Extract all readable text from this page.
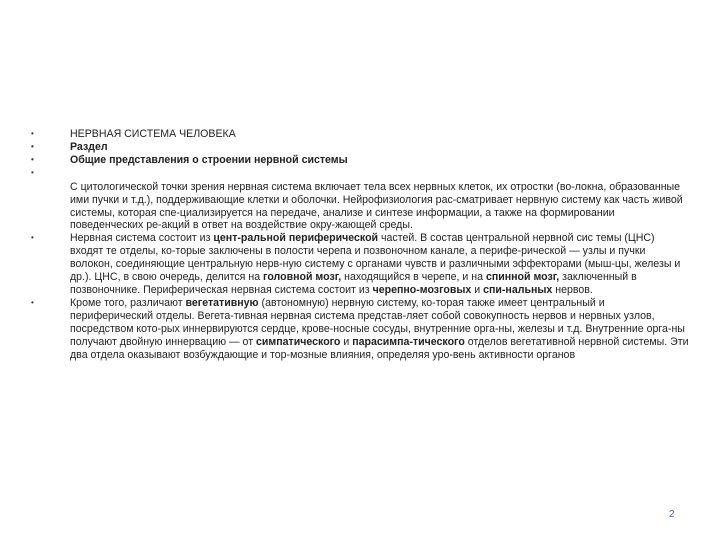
•	НЕРВНАЯ СИСТЕМА ЧЕЛОВЕКА
•	Раздел
•	Общие представления о строении нервной системы
•
С цитологической точки зрения нервная система включает тела всех нервных клеток, их отростки (во-локна, образованные ими пучки и т.д.), поддерживающие клетки и оболочки. Нейрофизиология рас-сматривает нервную систему как часть живой системы, которая спе-циализируется на передаче, анализе и синтезе информации, а также на формировании поведенческих ре-акций в ответ на воздействие окру-жающей среды.
•	Нервная система состоит из цент-ральной периферической частей. В состав центральной нервной сис темы (ЦНС) входят те отделы, ко-торые заключены в полости черепа и позвоночном канале, а перифе-рической — узлы и пучки волокон, соединяющие центральную нерв-ную систему с органами чувств и различными эффекторами (мыш-цы, железы и др.). ЦНС, в свою очередь, делится на головной мозг, находящийся в черепе, и на спинной мозг, заключенный в позвоночнике. Периферическая нервная система состоит из черепно-мозговых и спи-нальных нервов.
•	Кроме того, различают вегетативную (автономную) нервную систему, ко-торая также имеет центральный и периферический отделы. Вегета-тивная нервная система представ-ляет собой совокупность нервов и нервных узлов, посредством кото-рых иннервируются сердце, крове-носные сосуды, внутренние орга-ны, железы и т.д. Внутренние орга-ны получают двойную иннервацию — от симпатического и парасимпа-тического отделов вегетативной нервной системы. Эти два отдела оказывают возбуждающие и тор-мозные влияния, определяя уро-вень активности органов
2
